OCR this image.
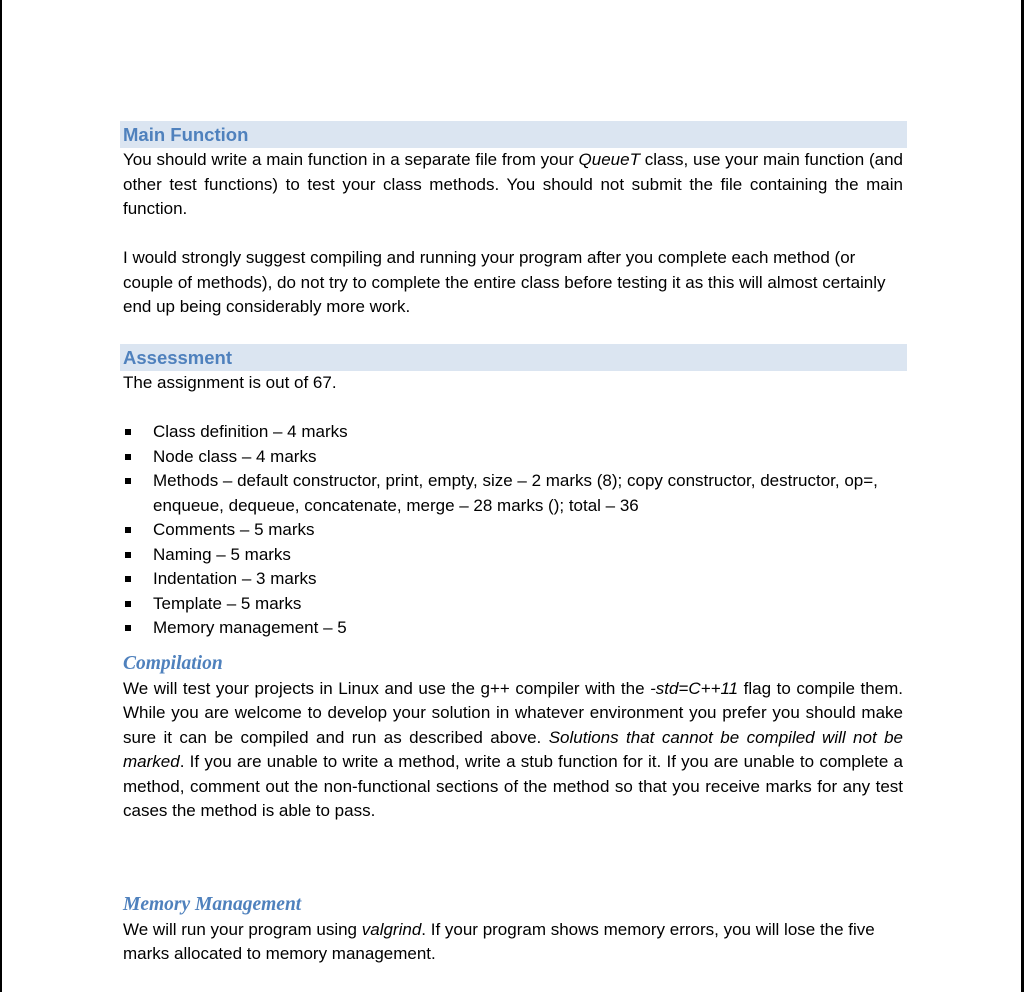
Main Function

You should write a main function in a separate file from your QueueT class, use your main function (and other test functions) to test your class methods. You should not submit the file containing the main function.

I would strongly suggest compiling and running your program after you complete each method (or couple of methods), do not try to complete the entire class before testing it as this will almost certainly end up being considerably more work.

Assessment

The assignment is out of 67.

Class definition – 4 marks
Node class – 4 marks
Methods – default constructor, print, empty, size – 2 marks (8); copy constructor, destructor, op=, enqueue, dequeue, concatenate, merge – 28 marks (); total – 36
Comments – 5 marks
Naming – 5 marks
Indentation – 3 marks
Template – 5 marks
Memory management – 5
Compilation

We will test your projects in Linux and use the g++ compiler with the -std=C++11 flag to compile them. While you are welcome to develop your solution in whatever environment you prefer you should make sure it can be compiled and run as described above. Solutions that cannot be compiled will not be marked. If you are unable to write a method, write a stub function for it. If you are unable to complete a method, comment out the non-functional sections of the method so that you receive marks for any test cases the method is able to pass.

Memory Management

We will run your program using valgrind. If your program shows memory errors, you will lose the five marks allocated to memory management.
